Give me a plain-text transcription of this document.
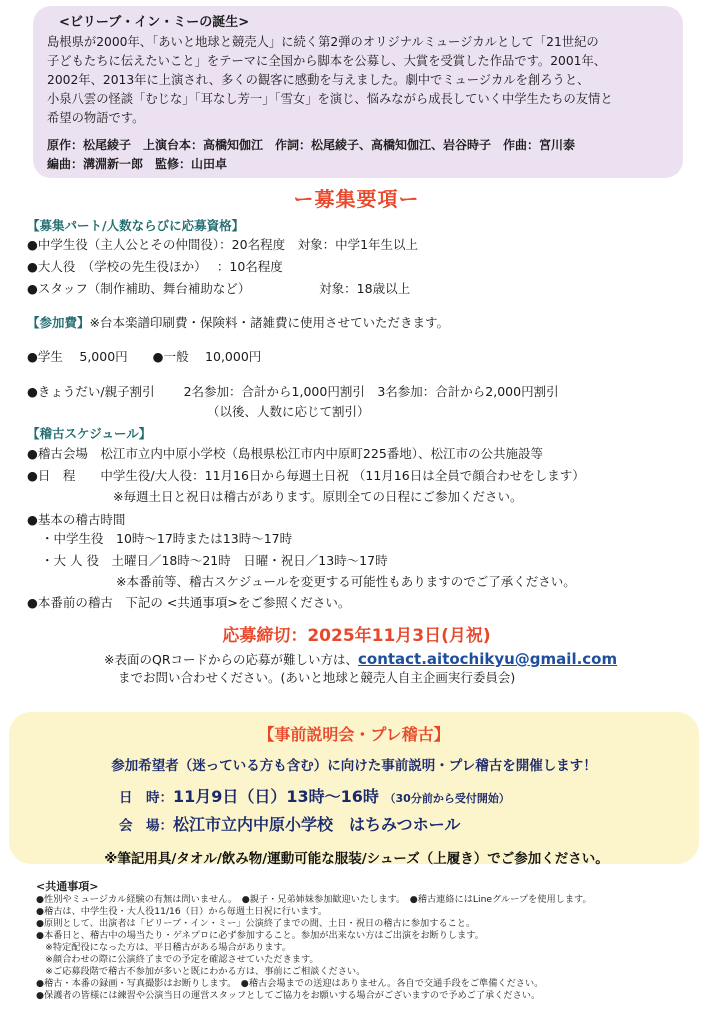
<ビリーブ・イン・ミーの誕生>
島根県が2000年、「あいと地球と競売人」に続く第2弾のオリジナルミュージカルとして「21世紀の
子どもたちに伝えたいこと」をテーマに全国から脚本を公募し、大賞を受賞した作品です。2001年、
2002年、2013年に上演され、多くの観客に感動を与えました。劇中でミュージカルを創ろうと、
小泉八雲の怪談「むじな」「耳なし芳一」「雪女」を演じ、悩みながら成長していく中学生たちの友情と
希望の物語です。
原作：松尾綾子　上演台本：高橋知伽江　作詞：松尾綾子、高橋知伽江、岩谷時子　作曲：宮川泰
編曲：溝淵新一郎　監修：山田卓
ー募集要項ー
【募集パート/人数ならびに応募資格】
●中学生役（主人公とその仲間役）：20名程度　対象：中学1年生以上
●大人役　（学校の先生役ほか）　 ：10名程度
●スタッフ（制作補助、舞台補助など）　　　　　　対象：18歳以上
【参加費】※台本楽譜印刷費・保険料・諸雑費に使用させていただきます。
●学生　 5,000円　　●一般　 10,000円
●きょうだい/親子割引　　 2名参加：合計から1,000円割引　3名参加：合計から2,000円割引
（以後、人数に応じて割引）
【稽古スケジュール】
●稽古会場　松江市立内中原小学校（島根県松江市内中原町225番地）、松江市の公共施設等
●日　程　　中学生役/大人役：11月16日から毎週土日祝 （11月16日は全員で顔合わせをします）
※毎週土日と祝日は稽古があります。原則全ての日程にご参加ください。
●基本の稽古時間
・中学生役　10時～17時または13時～17時
・大 人 役　土曜日／18時～21時　日曜・祝日／13時～17時
※本番前等、稽古スケジュールを変更する可能性もありますのでご了承ください。
●本番前の稽古　下記の <共通事項>をご参照ください。
応募締切：2025年11月3日(月祝)
※表面のQRコードからの応募が難しい方は、contact.aitochikyu@gmail.com
までお問い合わせください。(あいと地球と競売人自主企画実行委員会)
【事前説明会・プレ稽古】
参加希望者（迷っている方も含む）に向けた事前説明・プレ稽古を開催します！
日　時：11月9日（日）13時～16時 （30分前から受付開始）
会　場：松江市立内中原小学校　はちみつホール
※筆記用具/タオル/飲み物/運動可能な服装/シューズ（上履き）でご参加ください。
<共通事項>
●性別やミュージカル経験の有無は問いません。　●親子・兄弟姉妹参加歓迎いたします。　●稽古連絡にはLineグループを使用します。
●稽古は、中学生役・大人役11/16（日）から毎週土日祝に行います。
●原則として、出演者は「ビリーブ・イン・ミー」公演終了までの間、土日・祝日の稽古に参加すること。
●本番日と、稽古中の場当たり・ゲネプロに必ず参加すること。参加が出来ない方はご出演をお断りします。
　※特定配役になった方は、平日稽古がある場合があります。
　※顔合わせの際に公演終了までの予定を確認させていただきます。
　※ご応募段階で稽古不参加が多いと既にわかる方は、事前にご相談ください。
●稽古・本番の録画・写真撮影はお断りします。　●稽古会場までの送迎はありません。各自で交通手段をご準備ください。
●保護者の皆様には練習や公演当日の運営スタッフとしてご協力をお願いする場合がございますので予めご了承ください。
